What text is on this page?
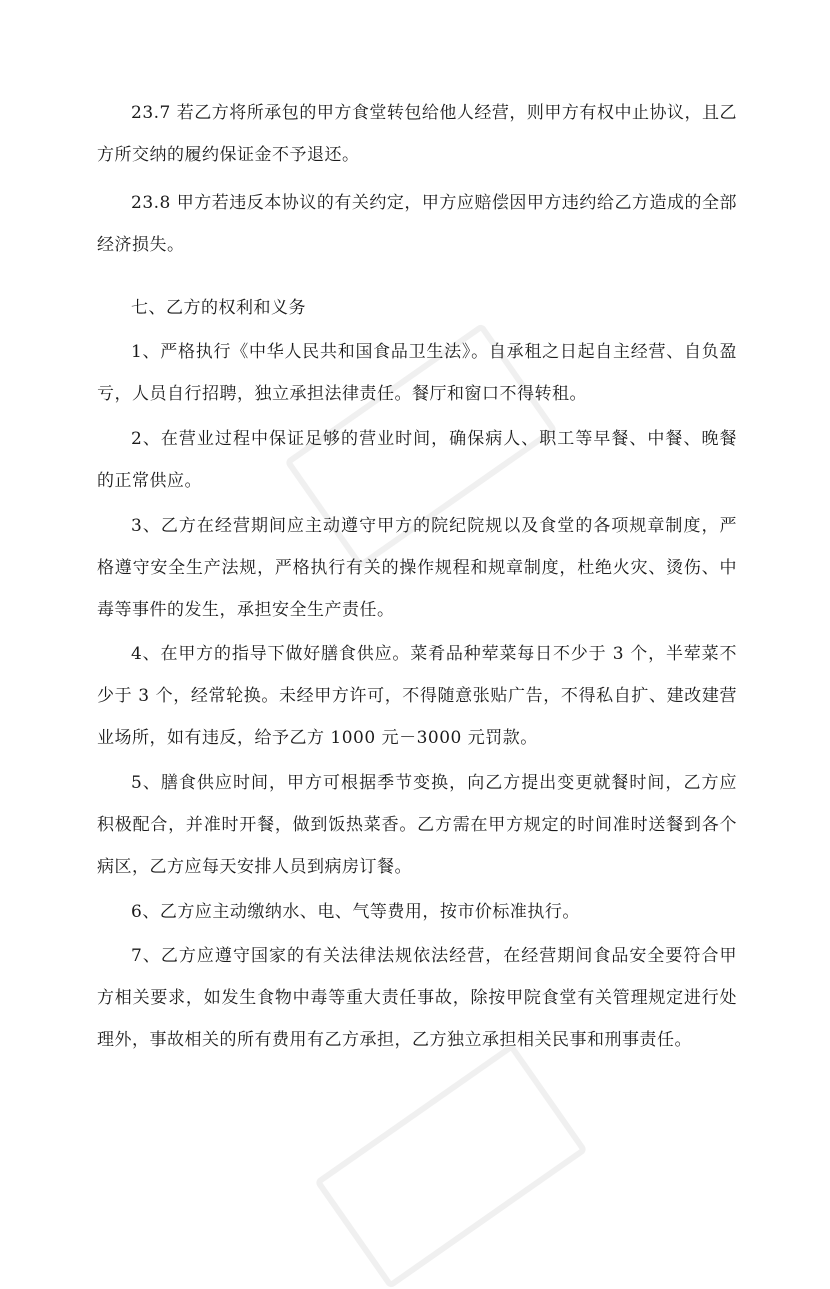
23.7 若乙方将所承包的甲方食堂转包给他人经营，则甲方有权中止协议，且乙方所交纳的履约保证金不予退还。

23.8 甲方若违反本协议的有关约定，甲方应赔偿因甲方违约给乙方造成的全部经济损失。

七、乙方的权利和义务

1、严格执行《中华人民共和国食品卫生法》。自承租之日起自主经营、自负盈亏，人员自行招聘，独立承担法律责任。餐厅和窗口不得转租。

2、在营业过程中保证足够的营业时间，确保病人、职工等早餐、中餐、晚餐的正常供应。

3、乙方在经营期间应主动遵守甲方的院纪院规以及食堂的各项规章制度，严格遵守安全生产法规，严格执行有关的操作规程和规章制度，杜绝火灾、烫伤、中毒等事件的发生，承担安全生产责任。

4、在甲方的指导下做好膳食供应。菜肴品种荤菜每日不少于 3 个，半荤菜不少于 3 个，经常轮换。未经甲方许可，不得随意张贴广告，不得私自扩、建改建营业场所，如有违反，给予乙方 1000 元－3000 元罚款。

5、膳食供应时间，甲方可根据季节变换，向乙方提出变更就餐时间，乙方应积极配合，并准时开餐，做到饭热菜香。乙方需在甲方规定的时间准时送餐到各个病区，乙方应每天安排人员到病房订餐。

6、乙方应主动缴纳水、电、气等费用，按市价标准执行。

7、乙方应遵守国家的有关法律法规依法经营，在经营期间食品安全要符合甲方相关要求，如发生食物中毒等重大责任事故，除按甲院食堂有关管理规定进行处理外，事故相关的所有费用有乙方承担，乙方独立承担相关民事和刑事责任。
